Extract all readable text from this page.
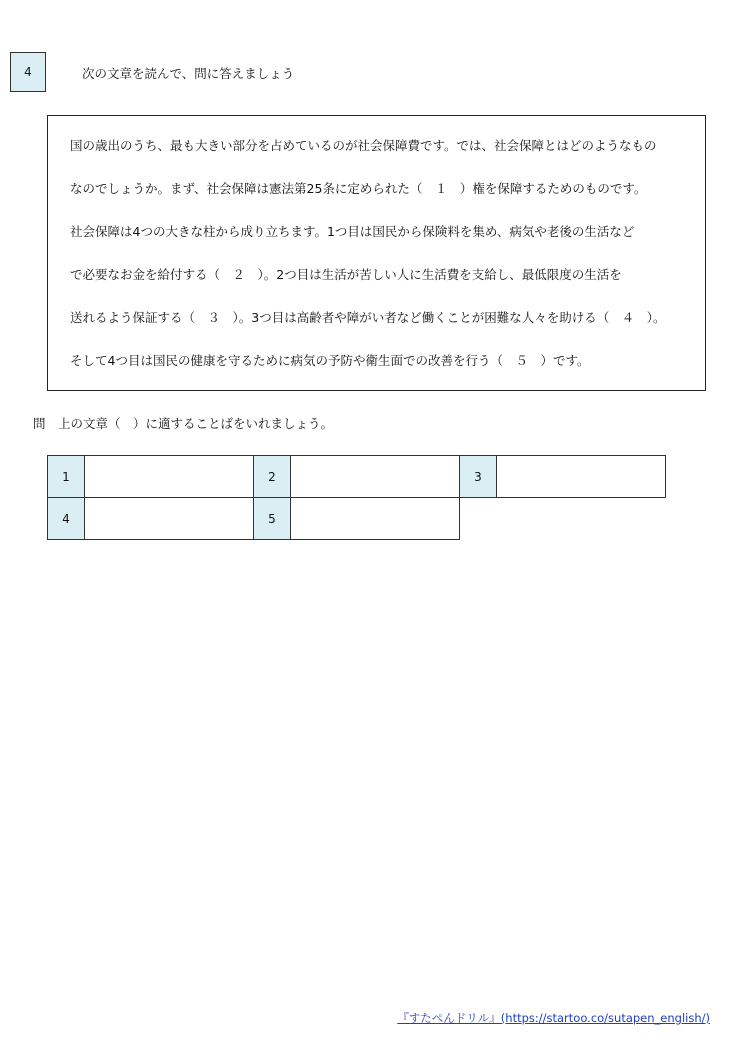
4	次の文章を読んで、問に答えましょう
国の歳出のうち、最も大きい部分を占めているのが社会保障費です。では、社会保障とはどのようなもの
なのでしょうか。まず、社会保障は憲法第25条に定められた（　１　）権を保障するためのものです。
社会保障は4つの大きな柱から成り立ちます。1つ目は国民から保険料を集め、病気や老後の生活など
で必要なお金を給付する（　２　）。2つ目は生活が苦しい人に生活費を支給し、最低限度の生活を
送れるよう保証する（　３　）。3つ目は高齢者や障がい者など働くことが困難な人々を助ける（　４　）。
そして4つ目は国民の健康を守るために病気の予防や衛生面での改善を行う（　５　）です。
問　上の文章（　）に適することばをいれましょう。
1		2		3	
4		5			
『すたぺんドリル』(https://startoo.co/sutapen_english/)
